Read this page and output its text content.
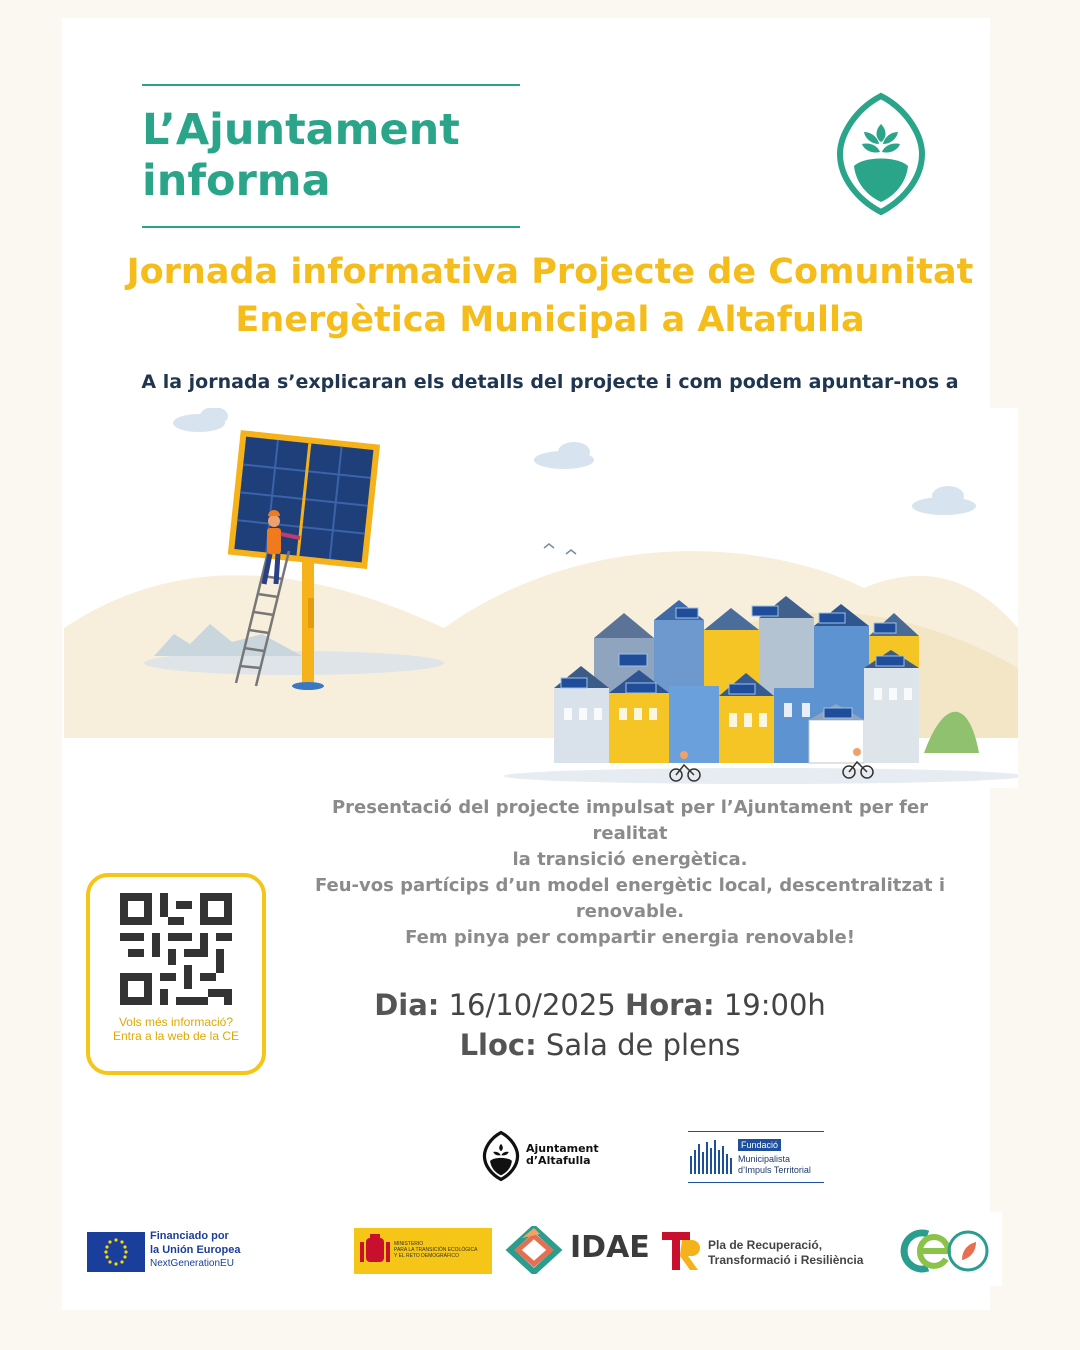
L’Ajuntament
informa
Jornada informativa Projecte de Comunitat
Energètica Municipal a Altafulla
A la jornada s’explicaran els detalls del projecte i com podem apuntar-nos a
Presentació del projecte impulsat per l’Ajuntament per fer
realitat
la transició energètica.
Feu-vos partícips d’un model energètic local, descentralitzat i
renovable.
Fem pinya per compartir energia renovable!
Dia: 16/10/2025 Hora: 19:00h
Lloc: Sala de plens
Vols més informació?
Entra a la web de la CE
Ajuntament
d’Altafulla
Fundació
Municipalista
d’Impuls Territorial
Financiado por
la Unión Europea
NextGenerationEU
MINISTERIO
PARA LA TRANSICIÓN ECOLÓGICA
Y EL RETO DEMOGRÁFICO	IDAE	Pla de Recuperació,
Transformació i Resiliència
